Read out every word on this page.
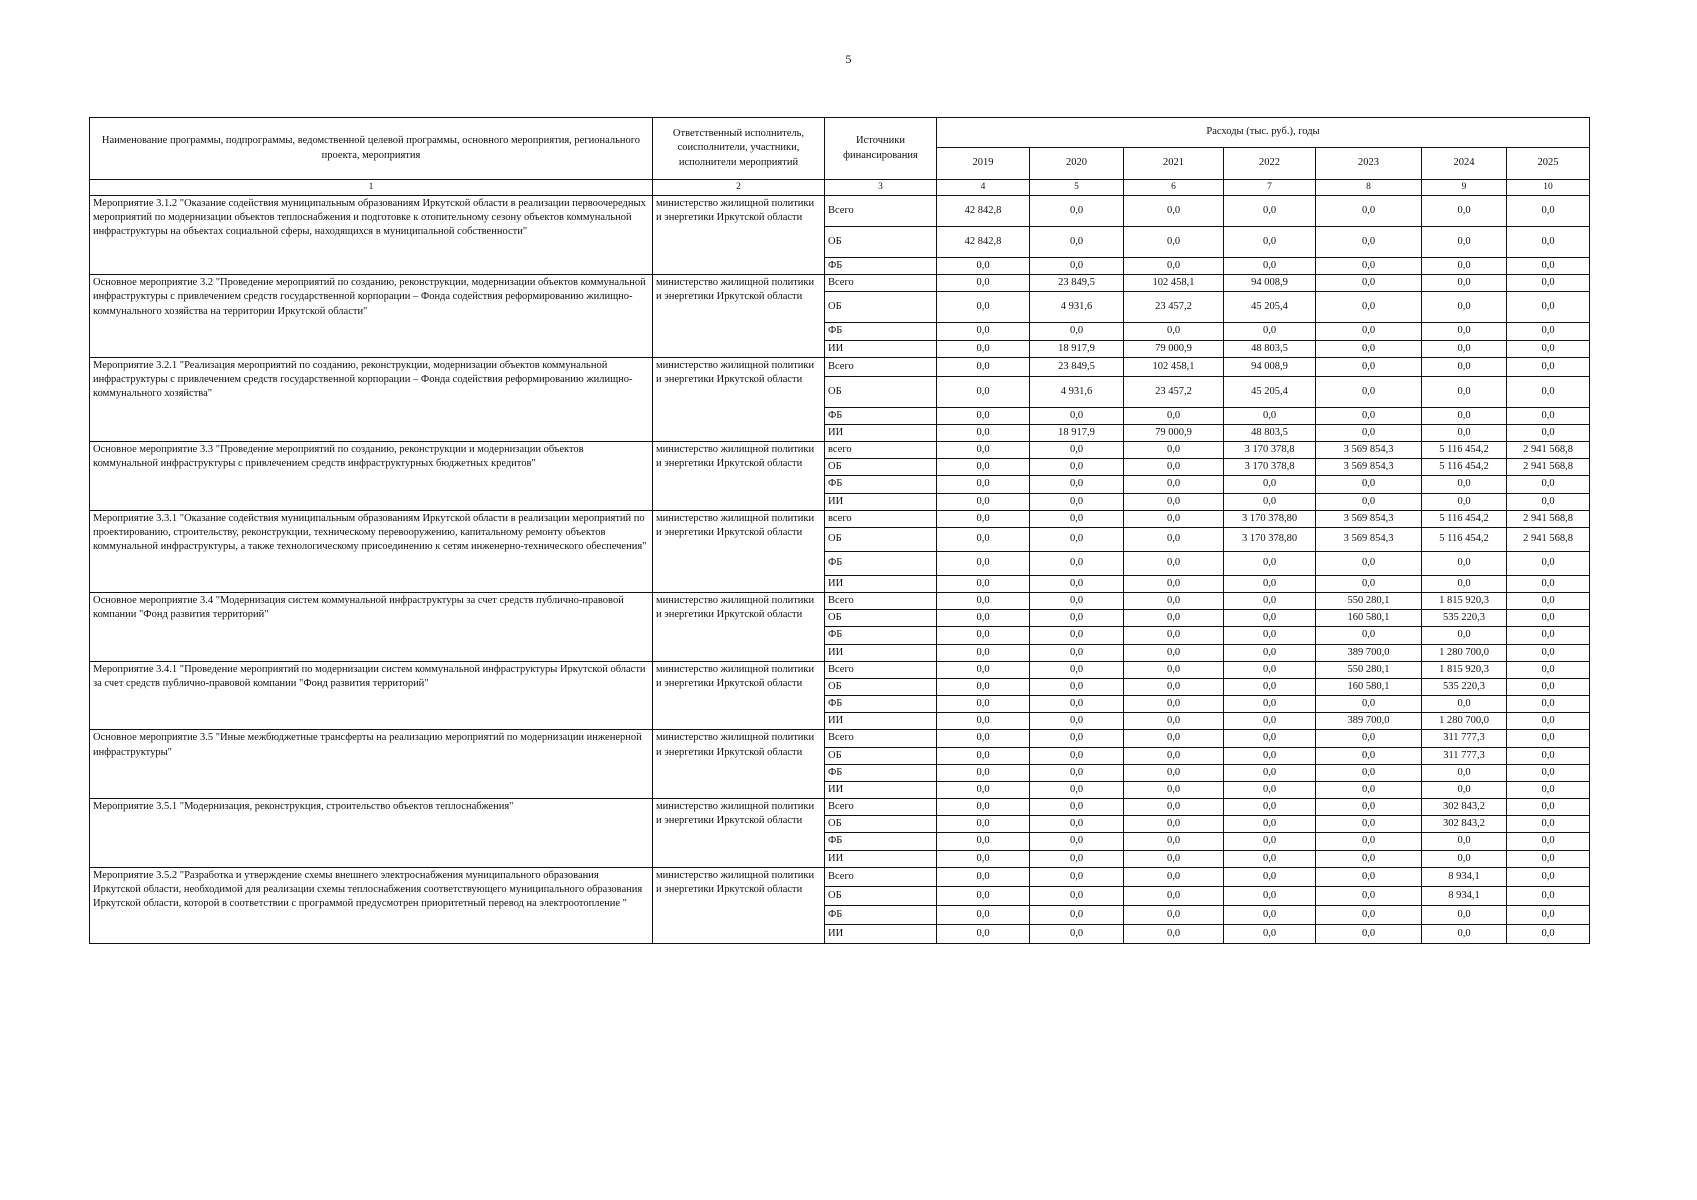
5
Наименование программы, подпрограммы, ведомственной целевой программы, основного мероприятия, регионального проекта, мероприятия	Ответственный исполнитель, соисполнители, участники, исполнители мероприятий	Источники финансирования	Расходы (тыс. руб.), годы						
			2019	2020	2021	2022	2023	2024	2025
1	2	3	4	5	6	7	8	9	10
Мероприятие 3.1.2 "Оказание содействия муниципальным образованиям Иркутской области в реализации первоочередных мероприятий по модернизации объектов теплоснабжения и подготовке к отопительному сезону объектов коммунальной инфраструктуры на объектах социальной сферы, находящихся в муниципальной собственности"	министерство жилищной политики и энергетики Иркутской области	Всего	42 842,8	0,0	0,0	0,0	0,0	0,0	0,0
		ОБ	42 842,8	0,0	0,0	0,0	0,0	0,0	0,0
		ФБ	0,0	0,0	0,0	0,0	0,0	0,0	0,0
Основное мероприятие 3.2 "Проведение мероприятий по созданию, реконструкции, модернизации объектов коммунальной инфраструктуры с привлечением средств государственной корпорации – Фонда содействия реформированию жилищно-коммунального хозяйства на территории Иркутской области"	министерство жилищной политики и энергетики Иркутской области	Всего	0,0	23 849,5	102 458,1	94 008,9	0,0	0,0	0,0
		ОБ	0,0	4 931,6	23 457,2	45 205,4	0,0	0,0	0,0
		ФБ	0,0	0,0	0,0	0,0	0,0	0,0	0,0
		ИИ	0,0	18 917,9	79 000,9	48 803,5	0,0	0,0	0,0
Мероприятие 3.2.1 "Реализация мероприятий по созданию, реконструкции, модернизации объектов коммунальной инфраструктуры с привлечением средств государственной корпорации – Фонда содействия реформированию жилищно-коммунального хозяйства"	министерство жилищной политики и энергетики Иркутской области	Всего	0,0	23 849,5	102 458,1	94 008,9	0,0	0,0	0,0
		ОБ	0,0	4 931,6	23 457,2	45 205,4	0,0	0,0	0,0
		ФБ	0,0	0,0	0,0	0,0	0,0	0,0	0,0
		ИИ	0,0	18 917,9	79 000,9	48 803,5	0,0	0,0	0,0
Основное мероприятие 3.3 "Проведение мероприятий по созданию, реконструкции и модернизации объектов коммунальной инфраструктуры с привлечением средств инфраструктурных бюджетных кредитов"	министерство жилищной политики и энергетики Иркутской области	всего	0,0	0,0	0,0	3 170 378,8	3 569 854,3	5 116 454,2	2 941 568,8
		ОБ	0,0	0,0	0,0	3 170 378,8	3 569 854,3	5 116 454,2	2 941 568,8
		ФБ	0,0	0,0	0,0	0,0	0,0	0,0	0,0
		ИИ	0,0	0,0	0,0	0,0	0,0	0,0	0,0
Мероприятие 3.3.1 "Оказание содействия муниципальным образованиям Иркутской области в реализации мероприятий по проектированию, строительству, реконструкции, техническому перевооружению, капитальному ремонту объектов коммунальной инфраструктуры, а также технологическому присоединению к сетям инженерно-технического обеспечения"	министерство жилищной политики и энергетики Иркутской области	всего	0,0	0,0	0,0	3 170 378,80	3 569 854,3	5 116 454,2	2 941 568,8
		ОБ	0,0	0,0	0,0	3 170 378,80	3 569 854,3	5 116 454,2	2 941 568,8
		ФБ	0,0	0,0	0,0	0,0	0,0	0,0	0,0
		ИИ	0,0	0,0	0,0	0,0	0,0	0,0	0,0
Основное мероприятие 3.4 "Модернизация систем коммунальной инфраструктуры за счет средств публично-правовой компании "Фонд развития территорий"	министерство жилищной политики и энергетики Иркутской области	Всего	0,0	0,0	0,0	0,0	550 280,1	1 815 920,3	0,0
		ОБ	0,0	0,0	0,0	0,0	160 580,1	535 220,3	0,0
		ФБ	0,0	0,0	0,0	0,0	0,0	0,0	0,0
		ИИ	0,0	0,0	0,0	0,0	389 700,0	1 280 700,0	0,0
Мероприятие 3.4.1 "Проведение мероприятий по модернизации систем коммунальной инфраструктуры Иркутской области за счет средств публично-правовой компании "Фонд развития территорий"	министерство жилищной политики и энергетики Иркутской области	Всего	0,0	0,0	0,0	0,0	550 280,1	1 815 920,3	0,0
		ОБ	0,0	0,0	0,0	0,0	160 580,1	535 220,3	0,0
		ФБ	0,0	0,0	0,0	0,0	0,0	0,0	0,0
		ИИ	0,0	0,0	0,0	0,0	389 700,0	1 280 700,0	0,0
Основное мероприятие 3.5 "Иные межбюджетные трансферты на реализацию мероприятий по модернизации инженерной инфраструктуры"	министерство жилищной политики и энергетики Иркутской области	Всего	0,0	0,0	0,0	0,0	0,0	311 777,3	0,0
		ОБ	0,0	0,0	0,0	0,0	0,0	311 777,3	0,0
		ФБ	0,0	0,0	0,0	0,0	0,0	0,0	0,0
		ИИ	0,0	0,0	0,0	0,0	0,0	0,0	0,0
Мероприятие 3.5.1 "Модернизация, реконструкция, строительство объектов теплоснабжения"	министерство жилищной политики и энергетики Иркутской области	Всего	0,0	0,0	0,0	0,0	0,0	302 843,2	0,0
		ОБ	0,0	0,0	0,0	0,0	0,0	302 843,2	0,0
		ФБ	0,0	0,0	0,0	0,0	0,0	0,0	0,0
		ИИ	0,0	0,0	0,0	0,0	0,0	0,0	0,0
Мероприятие 3.5.2 "Разработка и утверждение схемы внешнего электроснабжения муниципального образования Иркутской области, необходимой для реализации схемы теплоснабжения соответствующего муниципального образования Иркутской области, которой в соответствии с программой предусмотрен приоритетный перевод на электроотопление "	министерство жилищной политики и энергетики Иркутской области	Всего	0,0	0,0	0,0	0,0	0,0	8 934,1	0,0
		ОБ	0,0	0,0	0,0	0,0	0,0	8 934,1	0,0
		ФБ	0,0	0,0	0,0	0,0	0,0	0,0	0,0
		ИИ	0,0	0,0	0,0	0,0	0,0	0,0	0,0
